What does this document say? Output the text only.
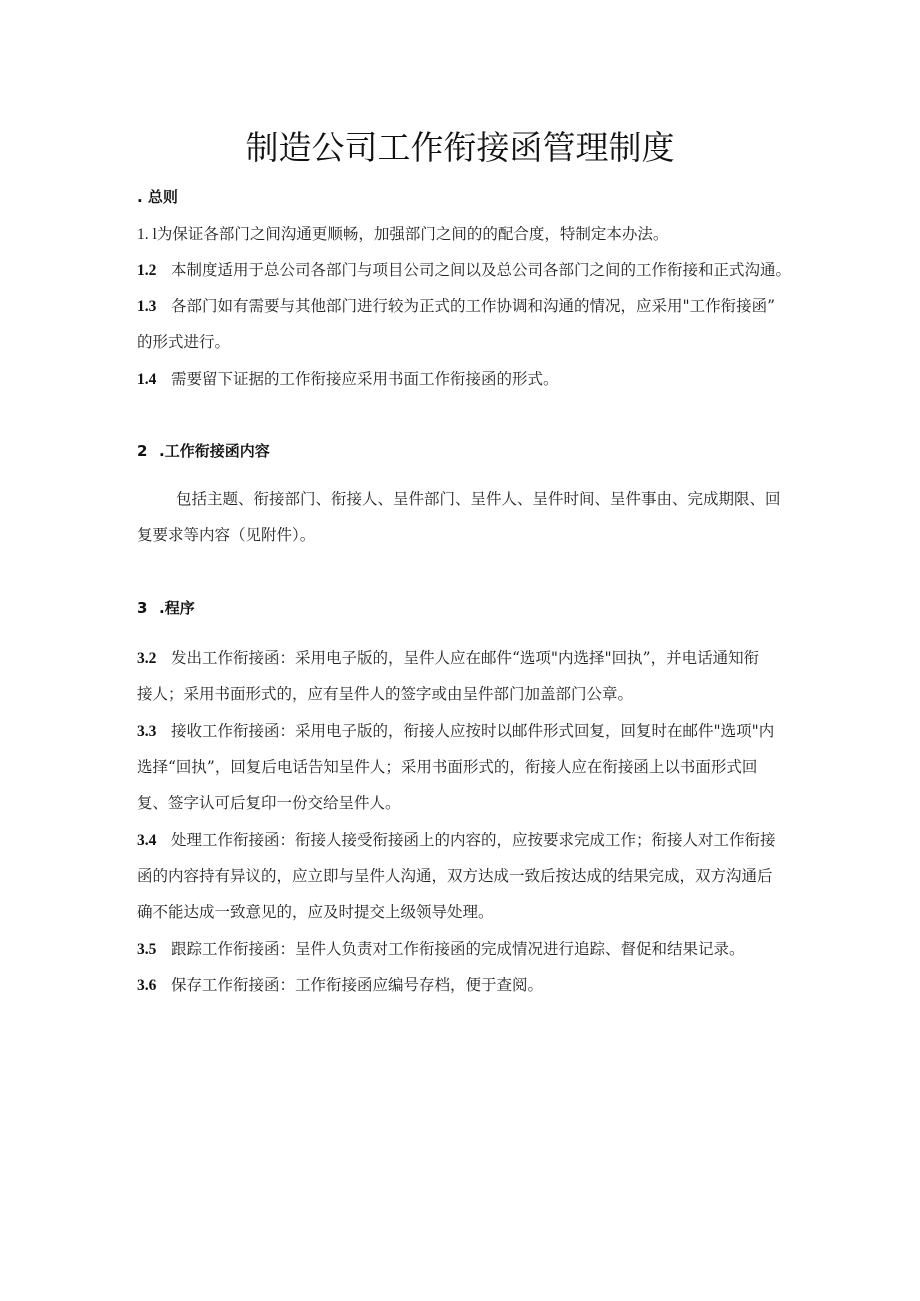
制造公司工作衔接函管理制度
. 总则
1. l为保证各部门之间沟通更顺畅，加强部门之间的的配合度，特制定本办法。
1.2 本制度适用于总公司各部门与项目公司之间以及总公司各部门之间的工作衔接和正式沟通。
1.3 各部门如有需要与其他部门进行较为正式的工作协调和沟通的情况，应采用"工作衔接函”
的形式进行。
1.4 需要留下证据的工作衔接应采用书面工作衔接函的形式。
2 .工作衔接函内容
包括主题、衔接部门、衔接人、呈件部门、呈件人、呈件时间、呈件事由、完成期限、回
复要求等内容（见附件）。
3 .程序
3.2 发出工作衔接函：采用电子版的，呈件人应在邮件“选项"内选择"回执”，并电话通知衔
接人；采用书面形式的，应有呈件人的签字或由呈件部门加盖部门公章。
3.3 接收工作衔接函：采用电子版的，衔接人应按时以邮件形式回复，回复时在邮件"选项"内
选择“回执”，回复后电话告知呈件人；采用书面形式的，衔接人应在衔接函上以书面形式回
复、签字认可后复印一份交给呈件人。
3.4 处理工作衔接函：衔接人接受衔接函上的内容的，应按要求完成工作；衔接人对工作衔接
函的内容持有异议的，应立即与呈件人沟通，双方达成一致后按达成的结果完成，双方沟通后
确不能达成一致意见的，应及时提交上级领导处理。
3.5 跟踪工作衔接函：呈件人负责对工作衔接函的完成情况进行追踪、督促和结果记录。
3.6 保存工作衔接函：工作衔接函应编号存档，便于查阅。
